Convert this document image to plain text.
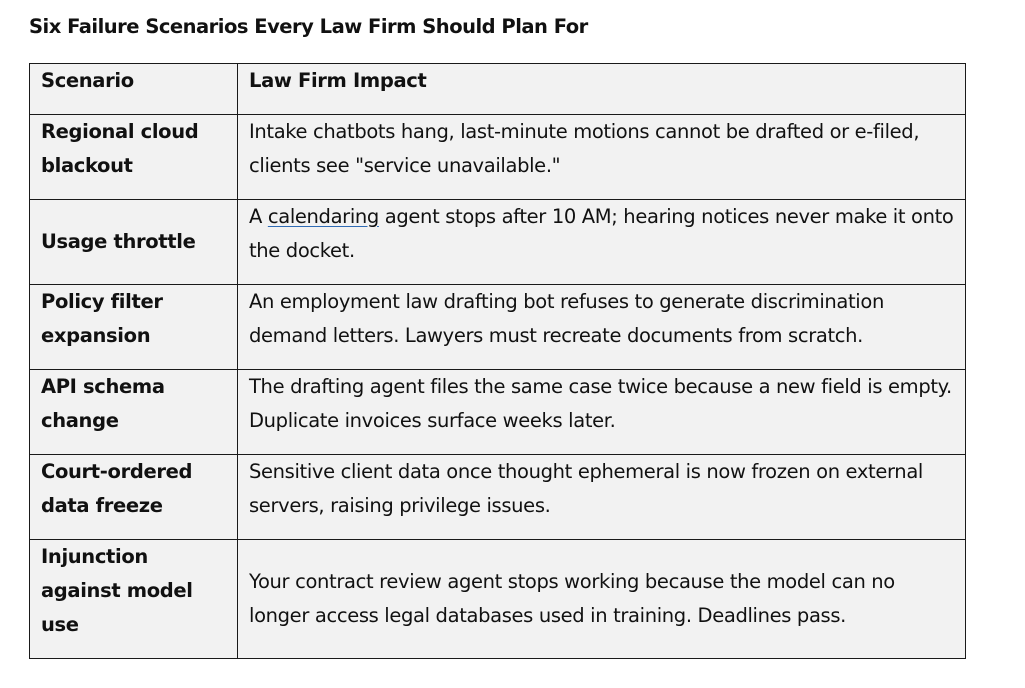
Six Failure Scenarios Every Law Firm Should Plan For
Scenario	Law Firm Impact
Regional cloud blackout	Intake chatbots hang, last-minute motions cannot be drafted or e-filed, clients see "service unavailable."
Usage throttle	A calendaring agent stops after 10 AM; hearing notices never make it onto the docket.
Policy filter expansion	An employment law drafting bot refuses to generate discrimination demand letters. Lawyers must recreate documents from scratch.
API schema change	The drafting agent files the same case twice because a new field is empty. Duplicate invoices surface weeks later.
Court-ordered data freeze	Sensitive client data once thought ephemeral is now frozen on external servers, raising privilege issues.
Injunction against model use	Your contract review agent stops working because the model can no longer access legal databases used in training. Deadlines pass.
